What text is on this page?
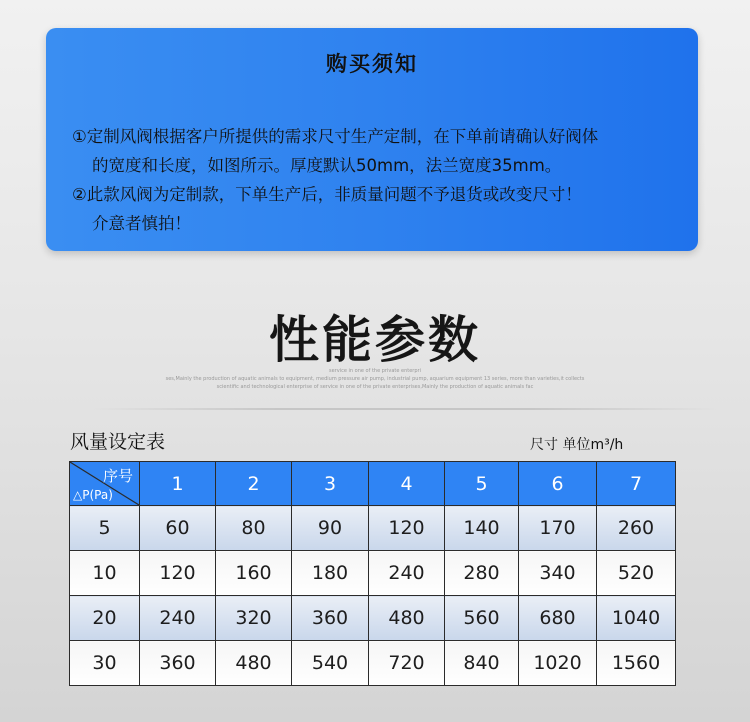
购买须知
①定制风阀根据客户所提供的需求尺寸生产定制，在下单前请确认好阀体
的宽度和长度，如图所示。厚度默认50mm，法兰宽度35mm。
②此款风阀为定制款，下单生产后，非质量问题不予退货或改变尺寸！
介意者慎拍！
性能参数
service in one of the private enterpri
ses,Mainly the production of aquatic animals to equipment, medium pressure air pump, industrial pump, aquarium equipment 13 series, more than varieties,it collects
scientific and technological enterprise of service in one of the private enterprises,Mainly the production of aquatic animals fac
风量设定表	尺寸 单位m³/h
序号
△P(Pa)	1	2	3	4	5	6	7
5	60	80	90	120	140	170	260
10	120	160	180	240	280	340	520
20	240	320	360	480	560	680	1040
30	360	480	540	720	840	1020	1560
